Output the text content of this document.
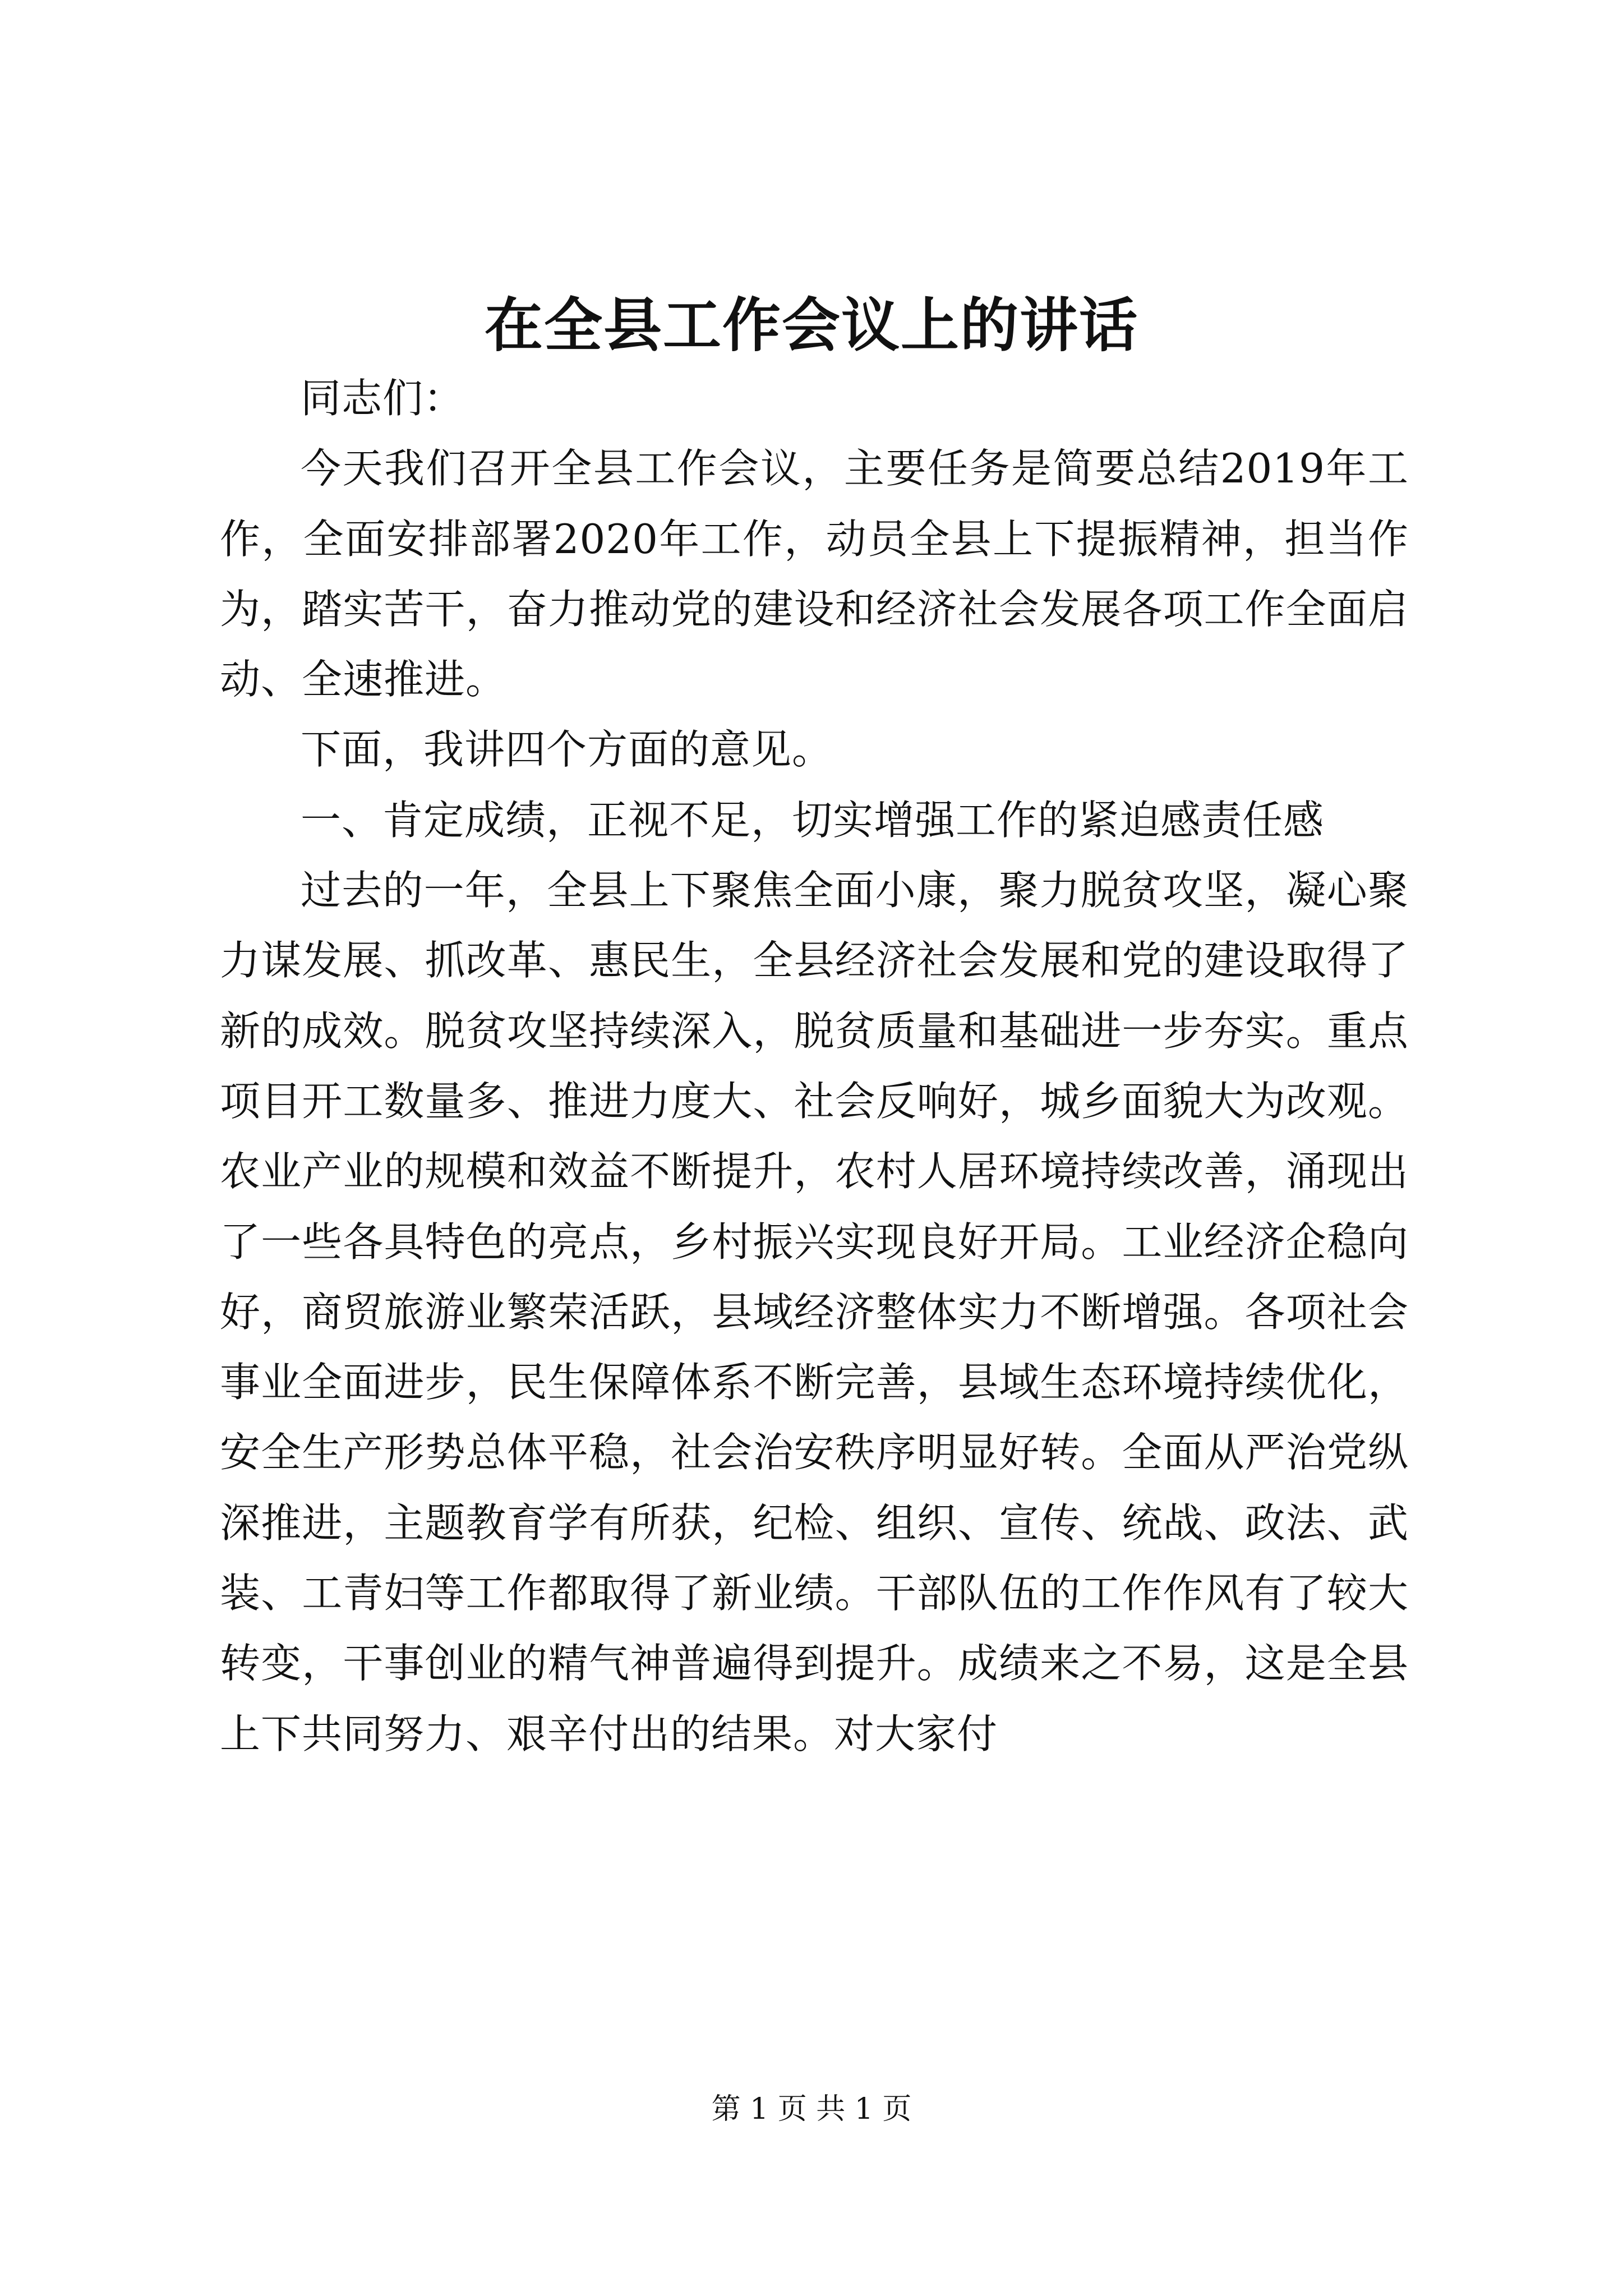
在全县工作会议上的讲话

同志们：

今天我们召开全县工作会议，主要任务是简要总结2019年工作，全面安排部署2020年工作，动员全县上下提振精神，担当作为，踏实苦干，奋力推动党的建设和经济社会发展各项工作全面启动、全速推进。

下面，我讲四个方面的意见。

一、肯定成绩，正视不足，切实增强工作的紧迫感责任感

过去的一年，全县上下聚焦全面小康，聚力脱贫攻坚，凝心聚力谋发展、抓改革、惠民生，全县经济社会发展和党的建设取得了新的成效。脱贫攻坚持续深入，脱贫质量和基础进一步夯实。重点项目开工数量多、推进力度大、社会反响好，城乡面貌大为改观。农业产业的规模和效益不断提升，农村人居环境持续改善，涌现出了一些各具特色的亮点，乡村振兴实现良好开局。工业经济企稳向好，商贸旅游业繁荣活跃，县域经济整体实力不断增强。各项社会事业全面进步，民生保障体系不断完善，县域生态环境持续优化，安全生产形势总体平稳，社会治安秩序明显好转。全面从严治党纵深推进，主题教育学有所获，纪检、组织、宣传、统战、政法、武装、工青妇等工作都取得了新业绩。干部队伍的工作作风有了较大转变，干事创业的精气神普遍得到提升。成绩来之不易，这是全县上下共同努力、艰辛付出的结果。对大家付

第 1 页 共 1 页
